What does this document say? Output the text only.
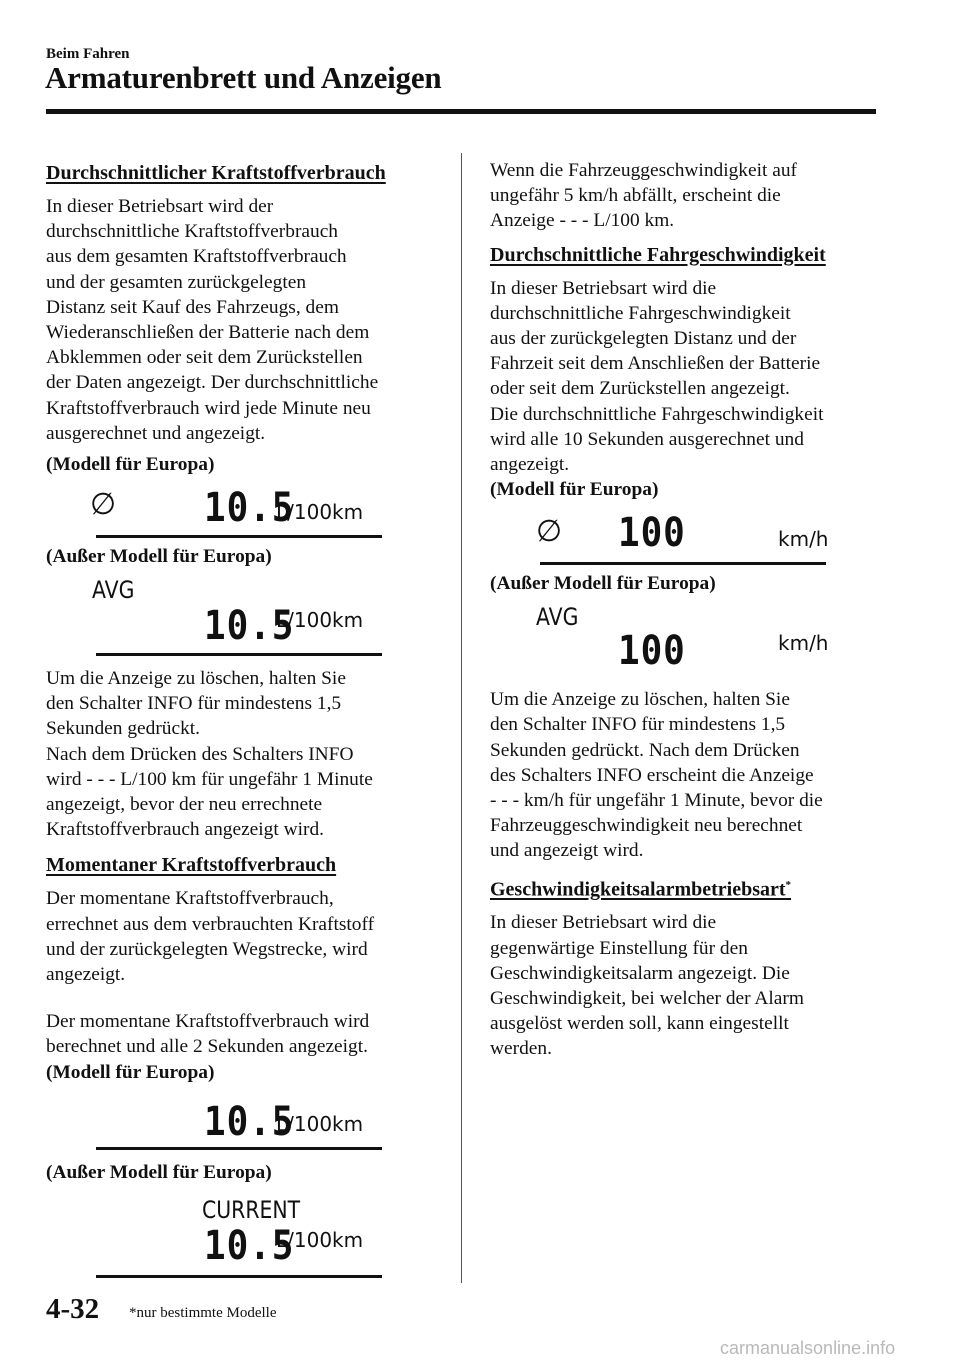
Beim Fahren
Armaturenbrett und Anzeigen
Durchschnittlicher Kraftstoffverbrauch

In dieser Betriebsart wird der
durchschnittliche Kraftstoffverbrauch
aus dem gesamten Kraftstoffverbrauch
und der gesamten zurückgelegten
Distanz seit Kauf des Fahrzeugs, dem
Wiederanschließen der Batterie nach dem
Abklemmen oder seit dem Zurückstellen
der Daten angezeigt. Der durchschnittliche
Kraftstoffverbrauch wird jede Minute neu
ausgerechnet und angezeigt.

(Modell für Europa)
∅ 10.5
L/100km
(Außer Modell für Europa)
AVG
10.5
L/100km

Um die Anzeige zu löschen, halten Sie
den Schalter INFO für mindestens 1,5
Sekunden gedrückt.
Nach dem Drücken des Schalters INFO
wird - - - L/100 km für ungefähr 1 Minute
angezeigt, bevor der neu errechnete
Kraftstoffverbrauch angezeigt wird.

Momentaner Kraftstoffverbrauch

Der momentane Kraftstoffverbrauch,
errechnet aus dem verbrauchten Kraftstoff
und der zurückgelegten Wegstrecke, wird
angezeigt.

Der momentane Kraftstoffverbrauch wird
berechnet und alle 2 Sekunden angezeigt.

(Modell für Europa)
10.5
L/100km
(Außer Modell für Europa)
CURRENT
10.5
L/100km

Wenn die Fahrzeuggeschwindigkeit auf
ungefähr 5 km/h abfällt, erscheint die
Anzeige - - - L/100 km.

Durchschnittliche Fahrgeschwindigkeit

In dieser Betriebsart wird die
durchschnittliche Fahrgeschwindigkeit
aus der zurückgelegten Distanz und der
Fahrzeit seit dem Anschließen der Batterie
oder seit dem Zurückstellen angezeigt.
Die durchschnittliche Fahrgeschwindigkeit
wird alle 10 Sekunden ausgerechnet und
angezeigt.

(Modell für Europa)
∅ 100	km/h
(Außer Modell für Europa)
AVG
100	km/h

Um die Anzeige zu löschen, halten Sie
den Schalter INFO für mindestens 1,5
Sekunden gedrückt. Nach dem Drücken
des Schalters INFO erscheint die Anzeige
- - - km/h für ungefähr 1 Minute, bevor die
Fahrzeuggeschwindigkeit neu berechnet
und angezeigt wird.

Geschwindigkeitsalarmbetriebsart*

In dieser Betriebsart wird die
gegenwärtige Einstellung für den
Geschwindigkeitsalarm angezeigt. Die
Geschwindigkeit, bei welcher der Alarm
ausgelöst werden soll, kann eingestellt
werden.

4-32 *nur bestimmte Modelle
carmanualsonline.info
